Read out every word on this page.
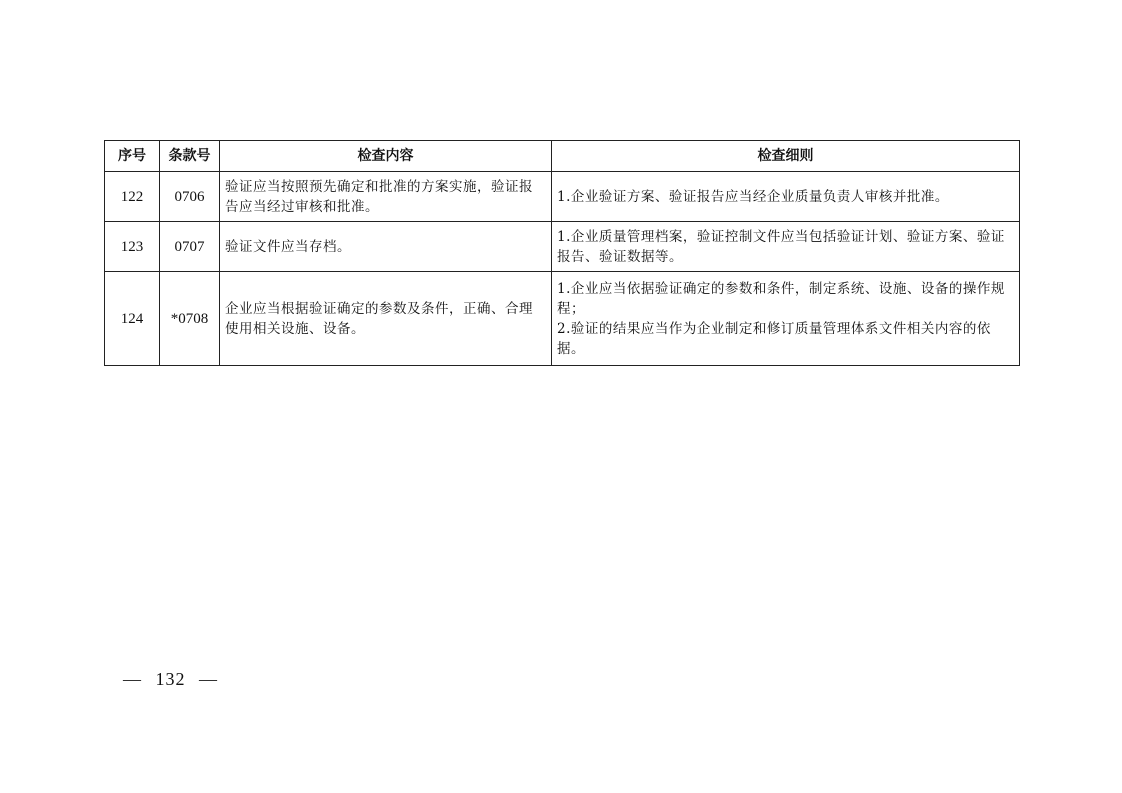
序号	条款号	检查内容	检查细则
122	0706	验证应当按照预先确定和批准的方案实施，验证报告应当经过审核和批准。	1.企业验证方案、验证报告应当经企业质量负责人审核并批准。

123	0707	验证文件应当存档。	1.企业质量管理档案，验证控制文件应当包括验证计划、验证方案、验证报告、验证数据等。

124	*0708	企业应当根据验证确定的参数及条件，正确、合理使用相关设施、设备。	1.企业应当依据验证确定的参数和条件，制定系统、设施、设备的操作规程；
2.验证的结果应当作为企业制定和修订质量管理体系文件相关内容的依据。
— 132 —
